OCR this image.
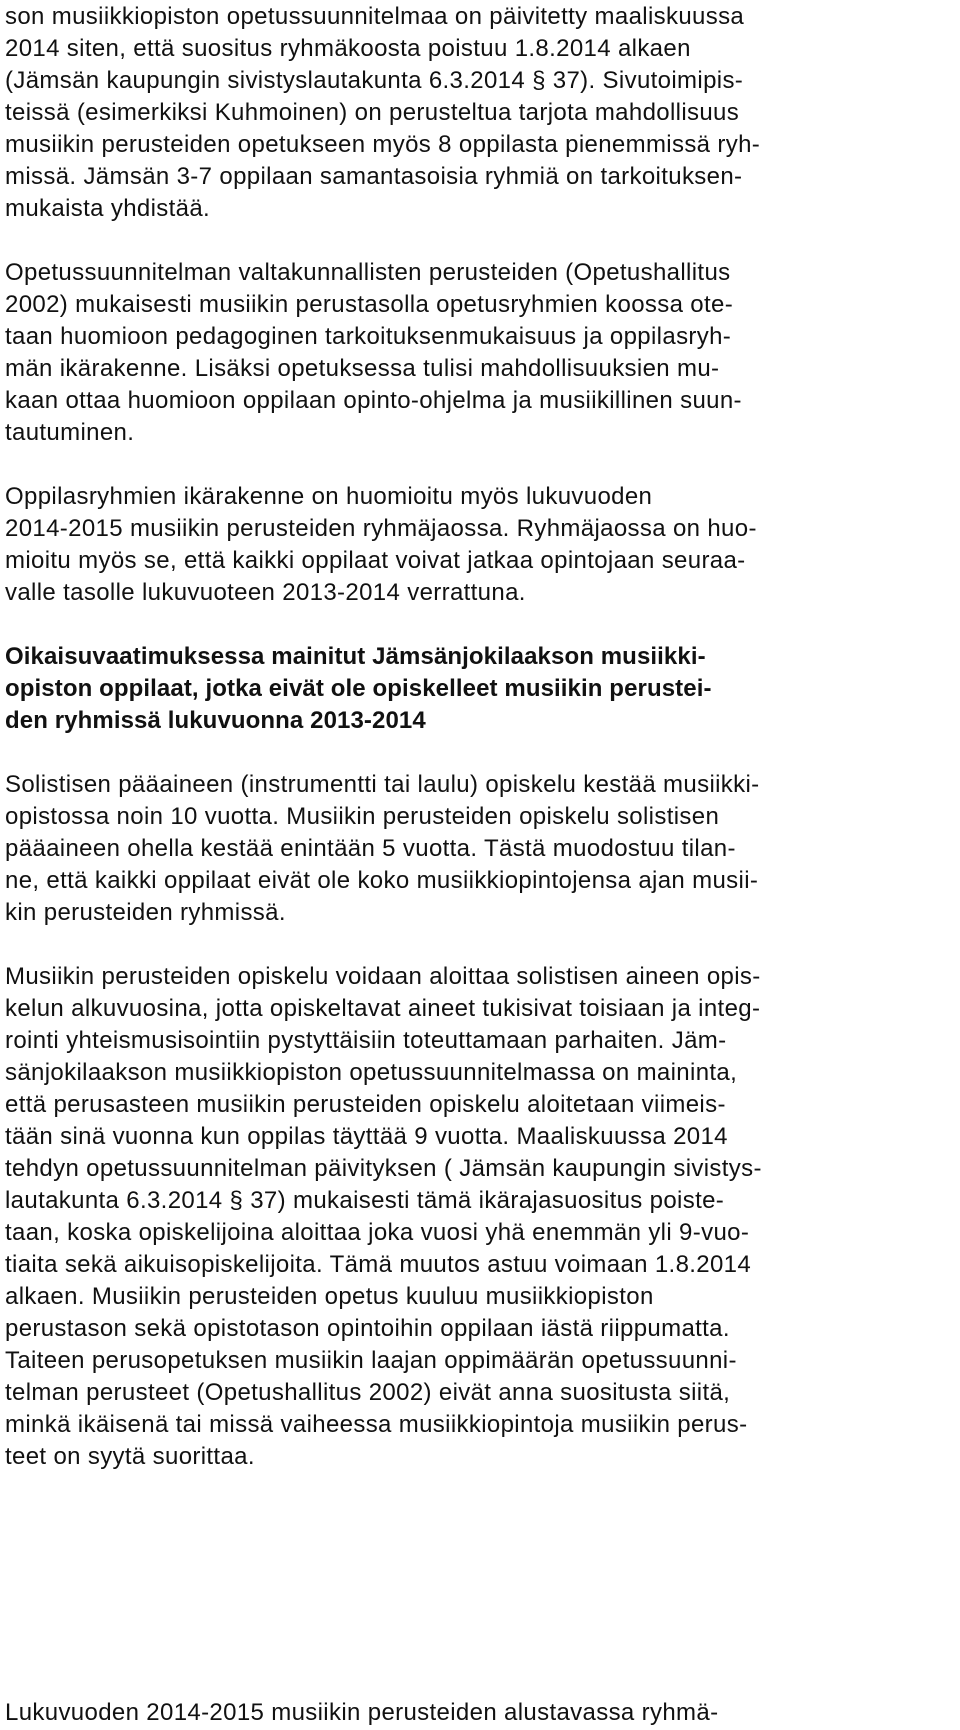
son musiikkiopiston opetussuunnitelmaa on päivitetty maaliskuussa
2014 siten, että suositus ryhmäkoosta poistuu 1.8.2014 alkaen
(Jämsän kaupungin sivistyslautakunta 6.3.2014 § 37). Sivutoimipis-
teissä (esimerkiksi Kuhmoinen) on perusteltua tarjota mahdollisuus
musiikin perusteiden opetukseen myös 8 oppilasta pienemmissä ryh-
missä. Jämsän 3-7 oppilaan samantasoisia ryhmiä on tarkoituksen-
mukaista yhdistää.
Opetussuunnitelman valtakunnallisten perusteiden (Opetushallitus
2002) mukaisesti musiikin perustasolla opetusryhmien koossa ote-
taan huomioon pedagoginen tarkoituksenmukaisuus ja oppilasryh-
män ikärakenne. Lisäksi opetuksessa tulisi mahdollisuuksien mu-
kaan ottaa huomioon oppilaan opinto-ohjelma ja musiikillinen suun-
tautuminen.
Oppilasryhmien ikärakenne on huomioitu myös lukuvuoden
2014-2015 musiikin perusteiden ryhmäjaossa. Ryhmäjaossa on huo-
mioitu myös se, että kaikki oppilaat voivat jatkaa opintojaan seuraa-
valle tasolle lukuvuoteen 2013-2014 verrattuna.
Oikaisuvaatimuksessa mainitut Jämsänjokilaakson musiikki-
opiston oppilaat, jotka eivät ole opiskelleet musiikin perustei-
den ryhmissä lukuvuonna 2013-2014
Solistisen pääaineen (instrumentti tai laulu) opiskelu kestää musiikki-
opistossa noin 10 vuotta. Musiikin perusteiden opiskelu solistisen
pääaineen ohella kestää enintään 5 vuotta. Tästä muodostuu tilan-
ne, että kaikki oppilaat eivät ole koko musiikkiopintojensa ajan musii-
kin perusteiden ryhmissä.
Musiikin perusteiden opiskelu voidaan aloittaa solistisen aineen opis-
kelun alkuvuosina, jotta opiskeltavat aineet tukisivat toisiaan ja integ-
rointi yhteismusisointiin pystyttäisiin toteuttamaan parhaiten. Jäm-
sänjokilaakson musiikkiopiston opetussuunnitelmassa on maininta,
että perusasteen musiikin perusteiden opiskelu aloitetaan viimeis-
tään sinä vuonna kun oppilas täyttää 9 vuotta. Maaliskuussa 2014
tehdyn opetussuunnitelman päivityksen ( Jämsän kaupungin sivistys-
lautakunta 6.3.2014 § 37) mukaisesti tämä ikärajasuositus poiste-
taan, koska opiskelijoina aloittaa joka vuosi yhä enemmän yli 9-vuo-
tiaita sekä aikuisopiskelijoita. Tämä muutos astuu voimaan 1.8.2014
alkaen. Musiikin perusteiden opetus kuuluu musiikkiopiston
perustason sekä opistotason opintoihin oppilaan iästä riippumatta.
Taiteen perusopetuksen musiikin laajan oppimäärän opetussuunni-
telman perusteet (Opetushallitus 2002) eivät anna suositusta siitä,
minkä ikäisenä tai missä vaiheessa musiikkiopintoja musiikin perus-
teet on syytä suorittaa.
Lukuvuoden 2014-2015 musiikin perusteiden alustavassa ryhmä-
